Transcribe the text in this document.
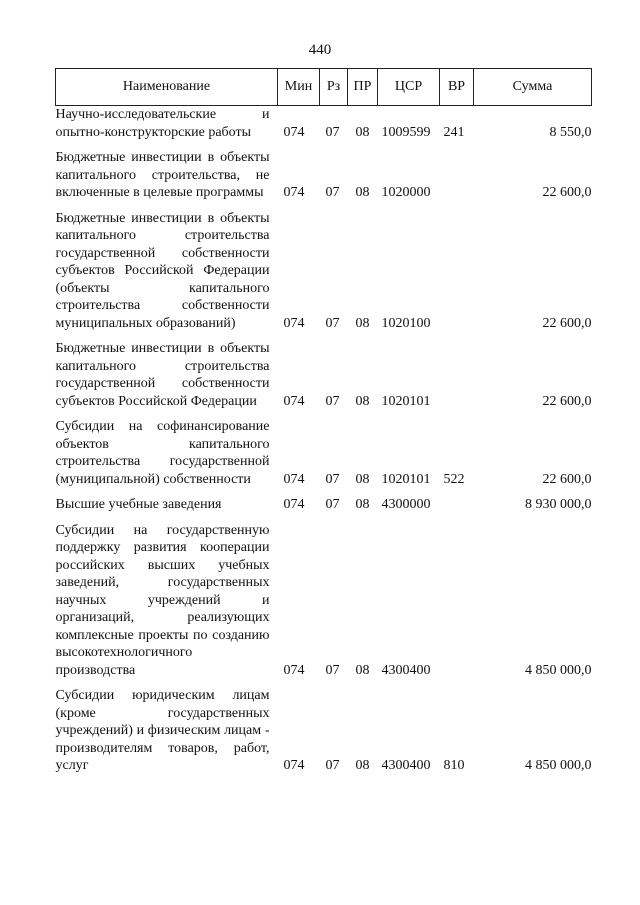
440
Наименование	Мин	Рз	ПР	ЦСР	ВР	Сумма
Научно-исследовательские и опытно-конструкторские работы	074	07	08	1009599	241	8 550,0
Бюджетные инвестиции в объекты капитального строительства, не включенные в целевые программы	074	07	08	1020000		22 600,0
Бюджетные инвестиции в объекты капитального строительства государственной собственности субъектов Российской Федерации (объекты капитального строительства собственности муниципальных образований)	074	07	08	1020100		22 600,0
Бюджетные инвестиции в объекты капитального строительства государственной собственности субъектов Российской Федерации	074	07	08	1020101		22 600,0
Субсидии на софинансирование объектов капитального строительства государственной (муниципальной) собственности	074	07	08	1020101	522	22 600,0
Высшие учебные заведения	074	07	08	4300000		8 930 000,0
Субсидии на государственную поддержку развития кооперации российских высших учебных заведений, государственных научных учреждений и организаций, реализующих комплексные проекты по созданию высокотехнологичного производства	074	07	08	4300400		4 850 000,0
Субсидии юридическим лицам (кроме государственных учреждений) и физическим лицам - производителям товаров, работ, услуг	074	07	08	4300400	810	4 850 000,0
